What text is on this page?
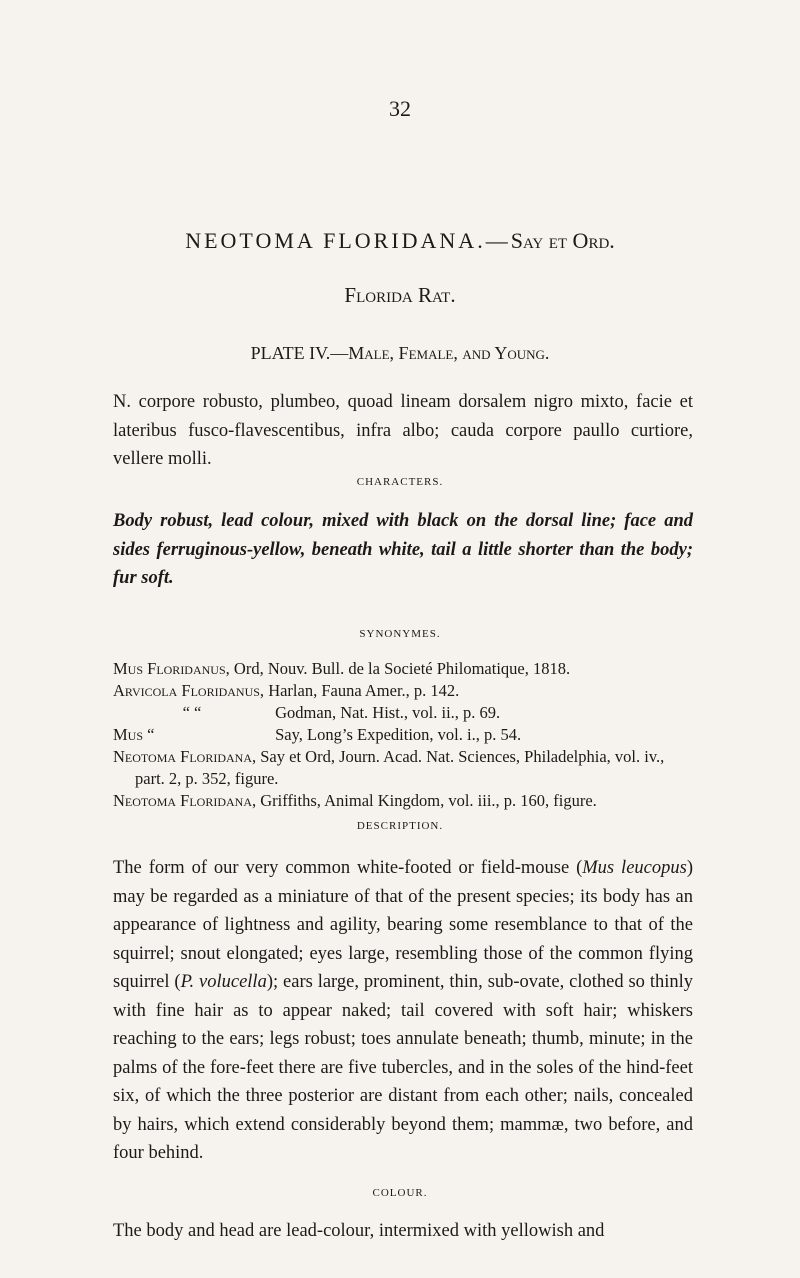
32
NEOTOMA FLORIDANA.—Say et Ord.
Florida Rat.
PLATE IV.—Male, Female, and Young.
N. corpore robusto, plumbeo, quoad lineam dorsalem nigro mixto, facie et lateribus fusco-flavescentibus, infra albo; cauda corpore paullo curtiore, vellere molli.
CHARACTERS.
Body robust, lead colour, mixed with black on the dorsal line; face and sides ferruginous-yellow, beneath white, tail a little shorter than the body; fur soft.
SYNONYMES.
Mus Floridanus, Ord, Nouv. Bull. de la Societé Philomatique, 1818.
Arvicola Floridanus, Harlan, Fauna Amer., p. 142.
“ “	Godman, Nat. Hist., vol. ii., p. 69.
Mus “	Say, Long’s Expedition, vol. i., p. 54.
Neotoma Floridana, Say et Ord, Journ. Acad. Nat. Sciences, Philadelphia, vol. iv.,
part. 2, p. 352, figure.
Neotoma Floridana, Griffiths, Animal Kingdom, vol. iii., p. 160, figure.
DESCRIPTION.
The form of our very common white-footed or field-mouse (Mus leucopus) may be regarded as a miniature of that of the present species; its body has an appearance of lightness and agility, bearing some resemblance to that of the squirrel; snout elongated; eyes large, resembling those of the common flying squirrel (P. volucella); ears large, prominent, thin, sub-ovate, clothed so thinly with fine hair as to appear naked; tail covered with soft hair; whiskers reaching to the ears; legs robust; toes annulate beneath; thumb, minute; in the palms of the fore-feet there are five tubercles, and in the soles of the hind-feet six, of which the three posterior are distant from each other; nails, concealed by hairs, which extend considerably beyond them; mammæ, two before, and four behind.
COLOUR.
The body and head are lead-colour, intermixed with yellowish and
